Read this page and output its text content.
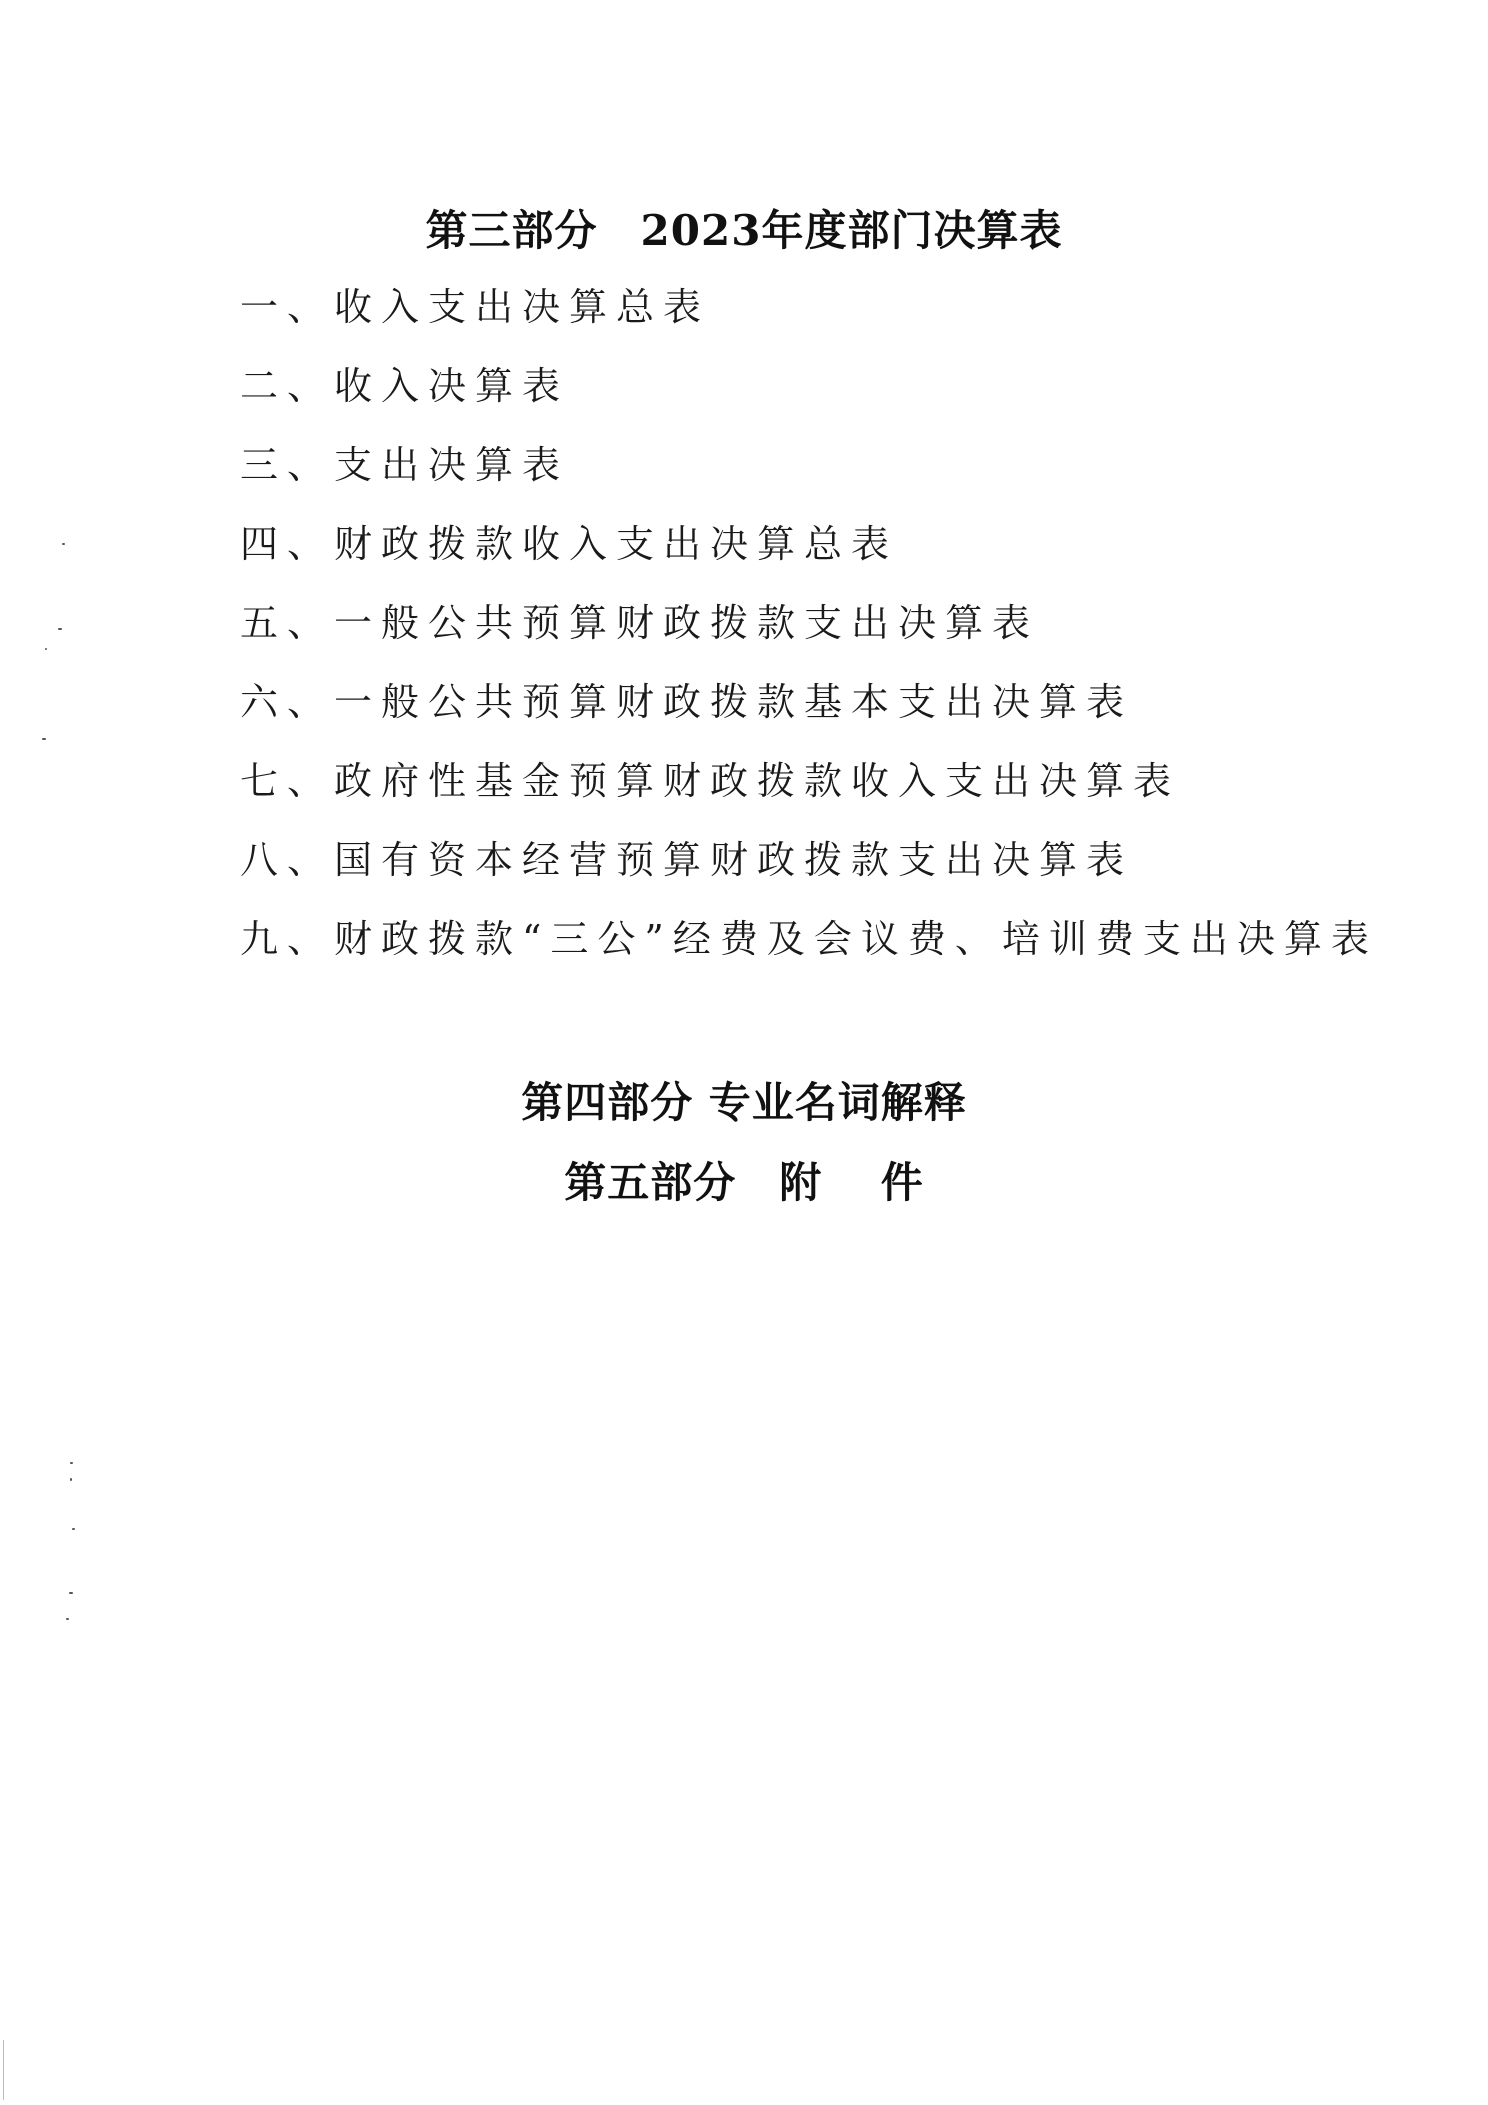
第三部分　2023年度部门决算表
一、收入支出决算总表
二、收入决算表
三、支出决算表
四、财政拨款收入支出决算总表
五、一般公共预算财政拨款支出决算表
六、一般公共预算财政拨款基本支出决算表
七、政府性基金预算财政拨款收入支出决算表
八、国有资本经营预算财政拨款支出决算表
九、财政拨款“三公”经费及会议费、培训费支出决算表
第四部分 专业名词解释
第五部分　附　 件
